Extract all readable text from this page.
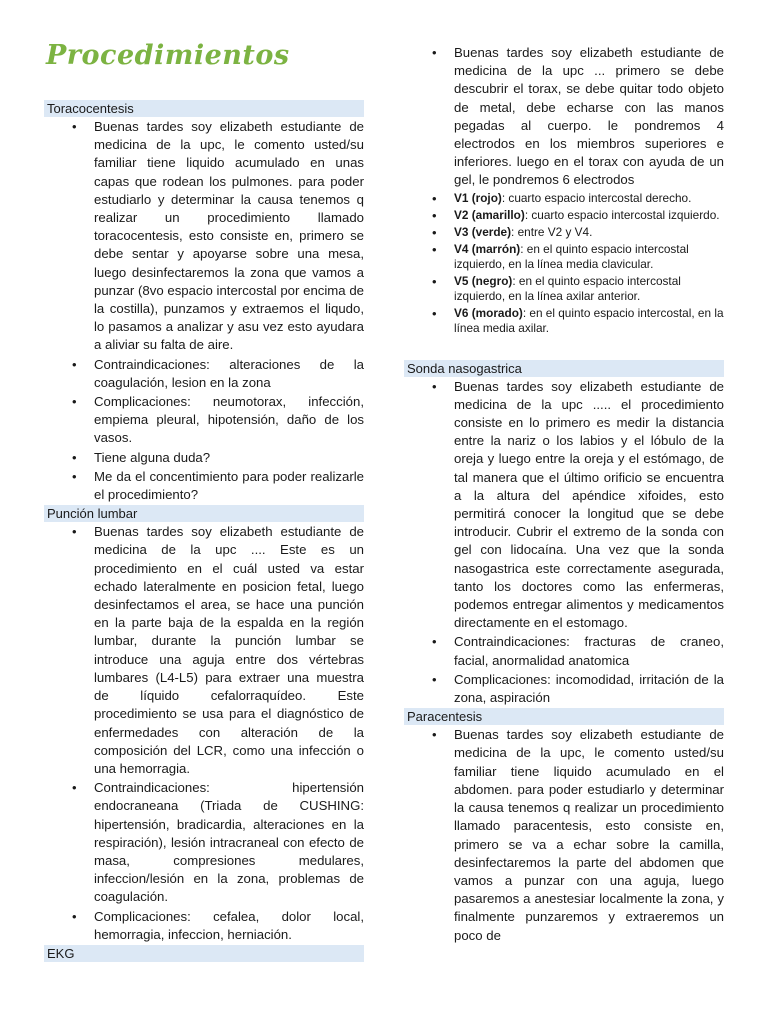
Procedimientos
Toracocentesis
• Buenas tardes soy elizabeth estudiante de medicina de la upc, le comento usted/su familiar tiene liquido acumulado en unas capas que rodean los pulmones. para poder estudiarlo y determinar la causa tenemos q realizar un procedimiento llamado toracocentesis, esto consiste en, primero se debe sentar y apoyarse sobre una mesa, luego desinfectaremos la zona que vamos a punzar (8vo espacio intercostal por encima de la costilla), punzamos y extraemos el liqudo, lo pasamos a analizar y asu vez esto ayudara a aliviar su falta de aire.
• Contraindicaciones: alteraciones de la coagulación, lesion en la zona
• Complicaciones: neumotorax, infección, empiema pleural, hipotensión, daño de los vasos.
• Tiene alguna duda?
• Me da el concentimiento para poder realizarle el procedimiento?
Punción lumbar
• Buenas tardes soy elizabeth estudiante de medicina de la upc .... Este es un procedimiento en el cuál usted va estar echado lateralmente en posicion fetal, luego desinfectamos el area, se hace una punción en la parte baja de la espalda en la región lumbar, durante la punción lumbar se introduce una aguja entre dos vértebras lumbares (L4-L5) para extraer una muestra de líquido cefalorraquídeo. Este procedimiento se usa para el diagnóstico de enfermedades con alteración de la composición del LCR, como una infección o una hemorragia.
• Contraindicaciones: hipertensión endocraneana (Triada de CUSHING: hipertensión, bradicardia, alteraciones en la respiración), lesión intracraneal con efecto de masa, compresiones medulares, infeccion/lesión en la zona, problemas de coagulación.
• Complicaciones: cefalea, dolor local, hemorragia, infeccion, herniación.
EKG
• Buenas tardes soy elizabeth estudiante de medicina de la upc ... primero se debe descubrir el torax, se debe quitar todo objeto de metal, debe echarse con las manos pegadas al cuerpo. le pondremos 4 electrodos en los miembros superiores e inferiores. luego en el torax con ayuda de un gel, le pondremos 6 electrodos
• V1 (rojo): cuarto espacio intercostal derecho.
• V2 (amarillo): cuarto espacio intercostal izquierdo.
• V3 (verde): entre V2 y V4.
• V4 (marrón): en el quinto espacio intercostal izquierdo, en la línea media clavicular.
• V5 (negro): en el quinto espacio intercostal izquierdo, en la línea axilar anterior.
• V6 (morado): en el quinto espacio intercostal, en la línea media axilar.
Sonda nasogastrica
• Buenas tardes soy elizabeth estudiante de medicina de la upc ..... el procedimiento consiste en lo primero es medir la distancia entre la nariz o los labios y el lóbulo de la oreja y luego entre la oreja y el estómago, de tal manera que el último orificio se encuentra a la altura del apéndice xifoides, esto permitirá conocer la longitud que se debe introducir. Cubrir el extremo de la sonda con gel con lidocaína. Una vez que la sonda nasogastrica este correctamente asegurada, tanto los doctores como las enfermeras, podemos entregar alimentos y medicamentos directamente en el estomago.
• Contraindicaciones: fracturas de craneo, facial, anormalidad anatomica
• Complicaciones: incomodidad, irritación de la zona, aspiración
Paracentesis
• Buenas tardes soy elizabeth estudiante de medicina de la upc, le comento usted/su familiar tiene liquido acumulado en el abdomen. para poder estudiarlo y determinar la causa tenemos q realizar un procedimiento llamado paracentesis, esto consiste en, primero se va a echar sobre la camilla, desinfectaremos la parte del abdomen que vamos a punzar con una aguja, luego pasaremos a anestesiar localmente la zona, y finalmente punzaremos y extraeremos un poco de
